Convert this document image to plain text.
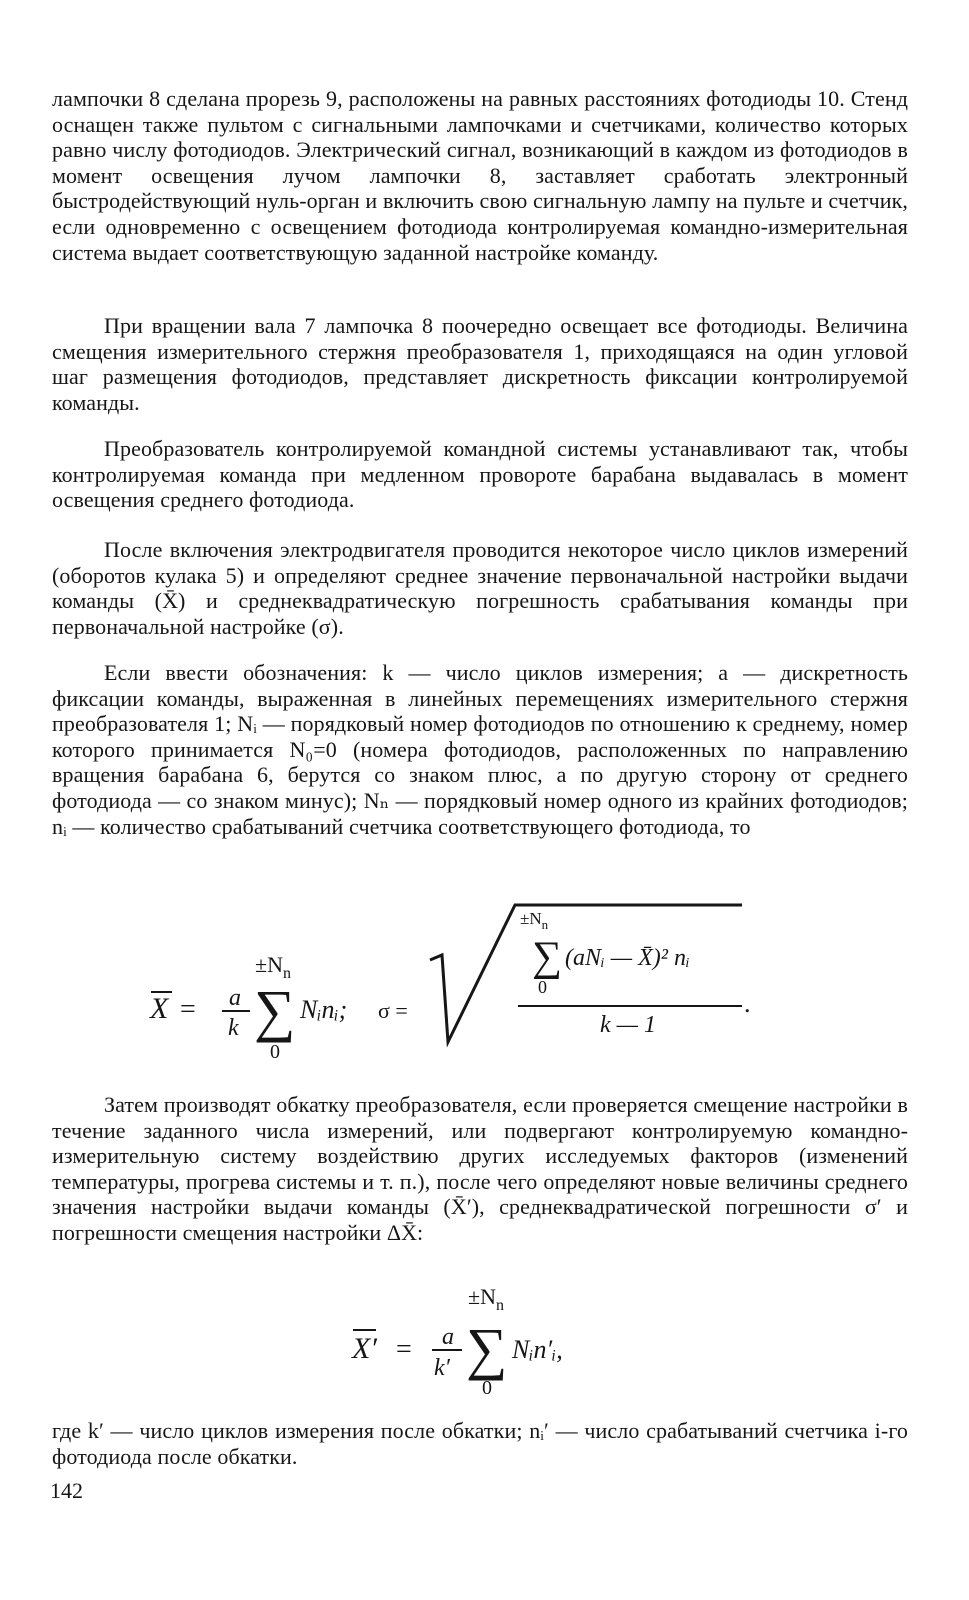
лампочки 8 сделана прорезь 9, расположены на равных расстояниях фотодиоды 10. Стенд оснащен также пультом с сигнальными лампочками и счетчиками, количество которых равно числу фотодиодов. Электрический сигнал, возникающий в каждом из фотодиодов в момент освещения лучом лампочки 8, заставляет сработать электронный быстродействующий нуль-орган и включить свою сигнальную лампу на пульте и счетчик, если одновременно с освещением фотодиода контролируемая командно-измерительная система выдает соответствующую заданной настройке команду.

При вращении вала 7 лампочка 8 поочередно освещает все фотодиоды. Величина смещения измерительного стержня преобразователя 1, приходящаяся на один угловой шаг размещения фотодиодов, представляет дискретность фиксации контролируемой команды.

Преобразователь контролируемой командной системы устанавливают так, чтобы контролируемая команда при медленном провороте барабана выдавалась в момент освещения среднего фотодиода.

После включения электродвигателя проводится некоторое число циклов измерений (оборотов кулака 5) и определяют среднее значение первоначальной настройки выдачи команды (X̄) и среднеквадратическую погрешность срабатывания команды при первоначальной настройке (σ).

Если ввести обозначения: k — число циклов измерения; a — дискретность фиксации команды, выраженная в линейных перемещениях измерительного стержня преобразователя 1; Nᵢ — порядковый номер фотодиодов по отношению к среднему, номер которого принимается N₀=0 (номера фотодиодов, расположенных по направлению вращения барабана 6, берутся со знаком плюс, а по другую сторону от среднего фотодиода — со знаком минус); Nₙ — порядковый номер одного из крайних фотодиодов; nᵢ — количество срабатываний счетчика соответствующего фотодиода, то

X = a
k
$\pm N_n$
∑
0
Nᵢnᵢ; σ =
$\pm N_n$
∑ (aNᵢ — X̄)² nᵢ
0
k — 1
.

Затем производят обкатку преобразователя, если проверяется смещение настройки в течение заданного числа измерений, или подвергают контролируемую командно-измерительную систему воздействию других исследуемых факторов (изменений температуры, прогрева системы и т. п.), после чего определяют новые величины среднего значения настройки выдачи команды (X̄′), среднеквадратической погрешности σ′ и погрешности смещения настройки ΔX̄:

X′ = a
k′
$\pm N_n$
∑
0
Nᵢn′ᵢ,

где k′ — число циклов измерения после обкатки; nᵢ′ — число срабатываний счетчика i-го фотодиода после обкатки.

142
